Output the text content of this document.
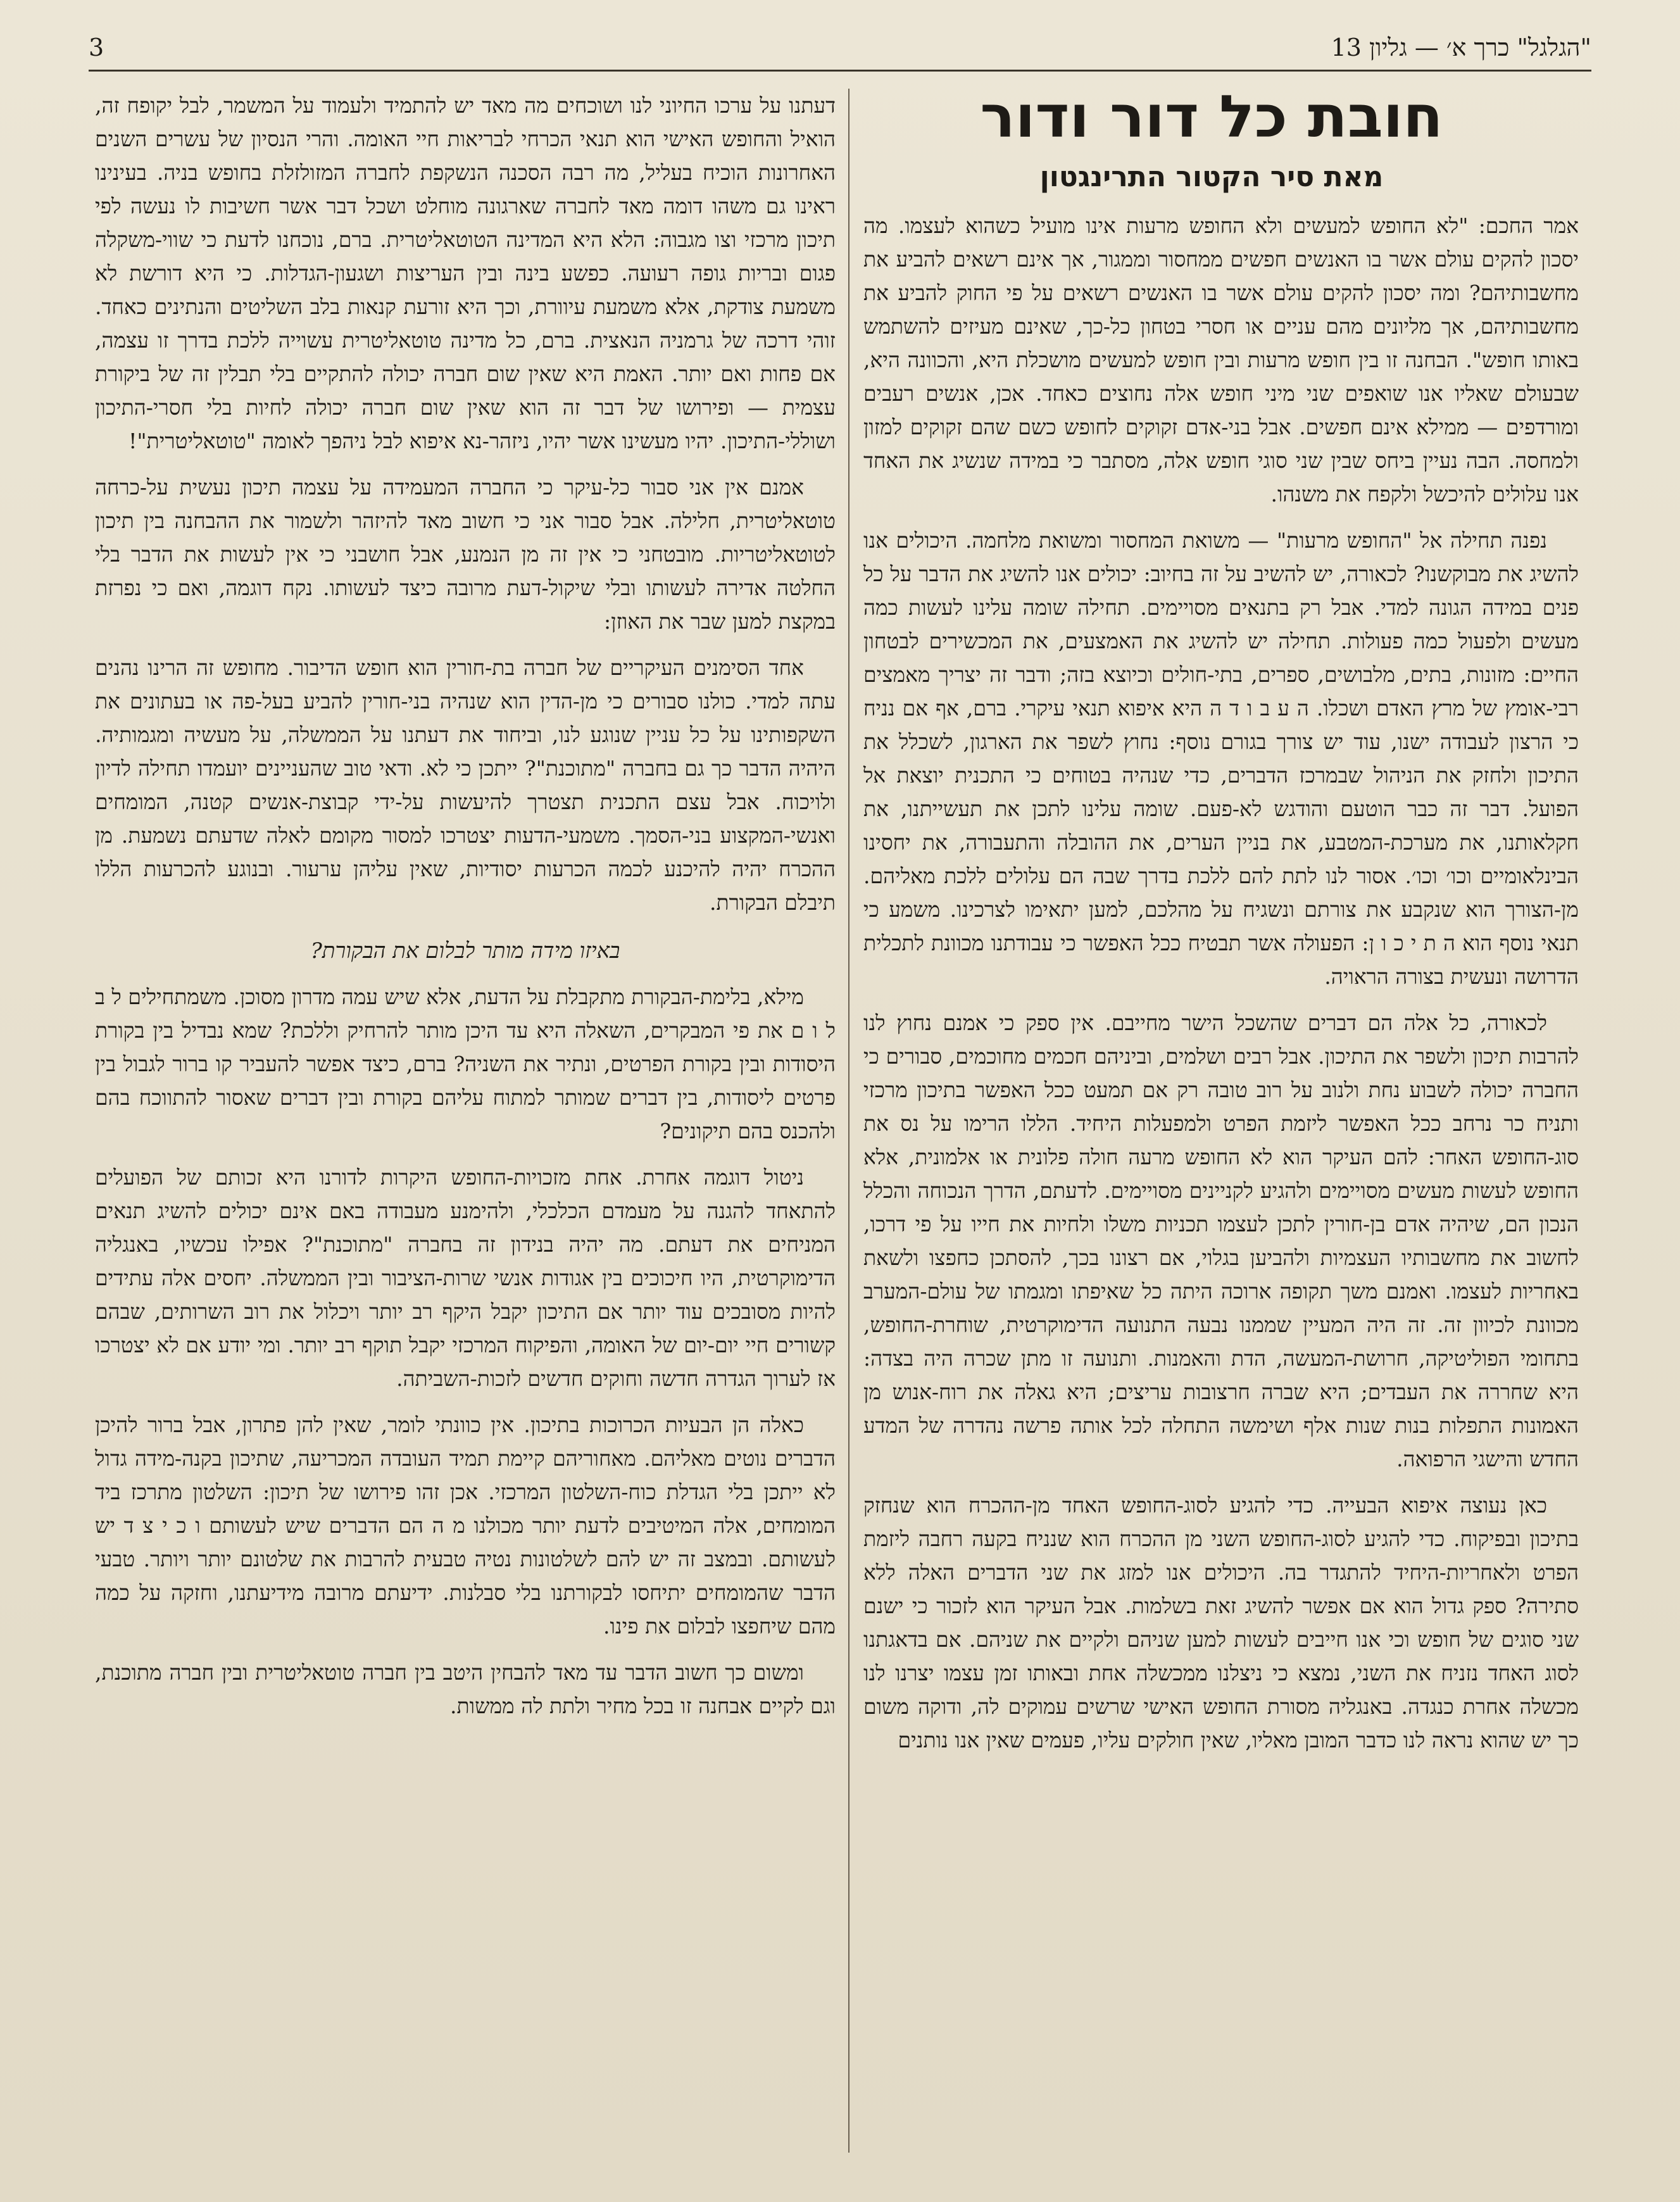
"הגלגל" כרך א׳ — גליון 13
3
חובת כל דור ודור
מאת סיר הקטור התרינגטון

אמר החכם: "לא החופש למעשים ולא החופש מרעות אינו מועיל כשהוא לעצמו. מה יסכון להקים עולם אשר בו האנשים חפשים ממחסור וממגור, אך אינם רשאים להביע את מחשבותיהם? ומה יסכון להקים עולם אשר בו האנשים רשאים על פי החוק להביע את מחשבותיהם, אך מליונים מהם עניים או חסרי בטחון כל-כך, שאינם מעיזים להשתמש באותו חופש". הבחנה זו בין חופש מרעות ובין חופש למעשים מושכלת היא, והכוונה היא, שבעולם שאליו אנו שואפים שני מיני חופש אלה נחוצים כאחד. אכן, אנשים רעבים ומורדפים — ממילא אינם חפשים. אבל בני-אדם זקוקים לחופש כשם שהם זקוקים למזון ולמחסה. הבה נעיין ביחס שבין שני סוגי חופש אלה, מסתבר כי במידה שנשיג את האחד אנו עלולים להיכשל ולקפח את משנהו.

נפנה תחילה אל "החופש מרעות" — משואת המחסור ומשואת מלחמה. היכולים אנו להשיג את מבוקשנו? לכאורה, יש להשיב על זה בחיוב: יכולים אנו להשיג את הדבר על כל פנים במידה הגונה למדי. אבל רק בתנאים מסויימים. תחילה שומה עלינו לעשות כמה מעשים ולפעול כמה פעולות. תחילה יש להשיג את האמצעים, את המכשירים לבטחון החיים: מזונות, בתים, מלבושים, ספרים, בתי-חולים וכיוצא בזה; ודבר זה יצריך מאמצים רבי-אומץ של מרץ האדם ושכלו. ה ע ב ו ד ה היא איפוא תנאי עיקרי. ברם, אף אם נניח כי הרצון לעבודה ישנו, עוד יש צורך בגורם נוסף: נחוץ לשפר את הארגון, לשכלל את התיכון ולחזק את הניהול שבמרכז הדברים, כדי שנהיה בטוחים כי התכנית יוצאת אל הפועל. דבר זה כבר הוטעם והודגש לא-פעם. שומה עלינו לתכן את תעשייתנו, את חקלאותנו, את מערכת-המטבע, את בניין הערים, את ההובלה והתעבורה, את יחסינו הבינלאומיים וכו׳ וכו׳. אסור לנו לתת להם ללכת בדרך שבה הם עלולים ללכת מאליהם. מן-הצורך הוא שנקבע את צורתם ונשגיח על מהלכם, למען יתאימו לצרכינו. משמע כי תנאי נוסף הוא ה ת י כ ו ן: הפעולה אשר תבטיח ככל האפשר כי עבודתנו מכוונת לתכלית הדרושה ונעשית בצורה הראויה.

לכאורה, כל אלה הם דברים שהשכל הישר מחייבם. אין ספק כי אמנם נחוץ לנו להרבות תיכון ולשפר את התיכון. אבל רבים ושלמים, וביניהם חכמים מחוכמים, סבורים כי החברה יכולה לשבוע נחת ולנוב על רוב טובה רק אם תמעט ככל האפשר בתיכון מרכזי ותניח כר נרחב ככל האפשר ליזמת הפרט ולמפעלות היחיד. הללו הרימו על נס את סוג-החופש האחר: להם העיקר הוא לא החופש מרעה חולה פלונית או אלמונית, אלא החופש לעשות מעשים מסויימים ולהגיע לקניינים מסויימים. לדעתם, הדרך הנכוחה והכלל הנכון הם, שיהיה אדם בן-חורין לתכן לעצמו תכניות משלו ולחיות את חייו על פי דרכו, לחשוב את מחשבותיו העצמיות ולהביען בגלוי, אם רצונו בכך, להסתכן כחפצו ולשאת באחריות לעצמו. ואמנם משך תקופה ארוכה היתה כל שאיפתו ומגמתו של עולם-המערב מכוונת לכיוון זה. זה היה המעיין שממנו נבעה התנועה הדימוקרטית, שוחרת-החופש, בתחומי הפוליטיקה, חרושת-המעשה, הדת והאמנות. ותנועה זו מתן שכרה היה בצדה: היא שחררה את העבדים; היא שברה חרצובות עריצים; היא גאלה את רוח-אנוש מן האמונות התפלות בנות שנות אלף ושימשה התחלה לכל אותה פרשה נהדרה של המדע החדש והישגי הרפואה.

כאן נעוצה איפוא הבעייה. כדי להגיע לסוג-החופש האחד מן-ההכרח הוא שנחזק בתיכון ובפיקוח. כדי להגיע לסוג-החופש השני מן ההכרח הוא שנניח בקעה רחבה ליזמת הפרט ולאחריות-היחיד להתגדר בה. היכולים אנו למזג את שני הדברים האלה ללא סתירה? ספק גדול הוא אם אפשר להשיג זאת בשלמות. אבל העיקר הוא לזכור כי ישנם שני סוגים של חופש וכי אנו חייבים לעשות למען שניהם ולקיים את שניהם. אם בדאגתנו לסוג האחד נזניח את השני, נמצא כי ניצלנו ממכשלה אחת ובאותו זמן עצמו יצרנו לנו מכשלה אחרת כנגדה. באנגליה מסורת החופש האישי שרשים עמוקים לה, ודוקה משום כך יש שהוא נראה לנו כדבר המובן מאליו, שאין חולקים עליו, פעמים שאין אנו נותנים

דעתנו על ערכו החיוני לנו ושוכחים מה מאד יש להתמיד ולעמוד על המשמר, לבל יקופח זה, הואיל והחופש האישי הוא תנאי הכרחי לבריאות חיי האומה. והרי הנסיון של עשרים השנים האחרונות הוכיח בעליל, מה רבה הסכנה הנשקפת לחברה המזולזלת בחופש בניה. בעינינו ראינו גם משהו דומה מאד לחברה שארגונה מוחלט ושכל דבר אשר חשיבות לו נעשה לפי תיכון מרכזי וצו מגבוה: הלא היא המדינה הטוטאליטרית. ברם, נוכחנו לדעת כי שווי-משקלה פגום ובריות גופה רעועה. כפשע בינה ובין העריצות ושגעון-הגדלות. כי היא דורשת לא משמעת צודקת, אלא משמעת עיוורת, וכך היא זורעת קנאות בלב השליטים והנתינים כאחד. זוהי דרכה של גרמניה הנאצית. ברם, כל מדינה טוטאליטרית עשוייה ללכת בדרך זו עצמה, אם פחות ואם יותר. האמת היא שאין שום חברה יכולה להתקיים בלי תבלין זה של ביקורת עצמית — ופירושו של דבר זה הוא שאין שום חברה יכולה לחיות בלי חסרי-התיכון ושוללי-התיכון. יהיו מעשינו אשר יהיו, ניזהר-נא איפוא לבל ניהפך לאומה "טוטאליטרית"!

אמנם אין אני סבור כל-עיקר כי החברה המעמידה על עצמה תיכון נעשית על-כרחה טוטאליטרית, חלילה. אבל סבור אני כי חשוב מאד להיזהר ולשמור את ההבחנה בין תיכון לטוטאליטריות. מובטחני כי אין זה מן הנמנע, אבל חושבני כי אין לעשות את הדבר בלי החלטה אדירה לעשותו ובלי שיקול-דעת מרובה כיצד לעשותו. נקח דוגמה, ואם כי נפרזת במקצת למען שבר את האוזן:

אחד הסימנים העיקריים של חברה בת-חורין הוא חופש הדיבור. מחופש זה הרינו נהנים עתה למדי. כולנו סבורים כי מן-הדין הוא שנהיה בני-חורין להביע בעל-פה או בעתונים את השקפותינו על כל עניין שנוגע לנו, וביחוד את דעתנו על הממשלה, על מעשיה ומגמותיה. היהיה הדבר כך גם בחברה "מתוכנת"? ייתכן כי לא. ודאי טוב שהעניינים יועמדו תחילה לדיון ולויכוח. אבל עצם התכנית תצטרך להיעשות על-ידי קבוצת-אנשים קטנה, המומחים ואנשי-המקצוע בני-הסמך. משמעי-הדעות יצטרכו למסור מקומם לאלה שדעתם נשמעת. מן ההכרח יהיה להיכנע לכמה הכרעות יסודיות, שאין עליהן ערעור. ובנוגע להכרעות הללו תיבלם הבקורת.

באיזו מידה מותר לבלום את הבקורת?

מילא, בלימת-הבקורת מתקבלת על הדעת, אלא שיש עמה מדרון מסוכן. משמתחילים ל ב ל ו ם את פי המבקרים, השאלה היא עד היכן מותר להרחיק וללכת? שמא נבדיל בין בקורת היסודות ובין בקורת הפרטים, ונתיר את השניה? ברם, כיצד אפשר להעביר קו ברור לגבול בין פרטים ליסודות, בין דברים שמותר למתוח עליהם בקורת ובין דברים שאסור להתווכח בהם ולהכנס בהם תיקונים?

ניטול דוגמה אחרת. אחת מזכויות-החופש היקרות לדורנו היא זכותם של הפועלים להתאחד להגנה על מעמדם הכלכלי, ולהימנע מעבודה באם אינם יכולים להשיג תנאים המניחים את דעתם. מה יהיה בנידון זה בחברה "מתוכנת"? אפילו עכשיו, באנגליה הדימוקרטית, היו חיכוכים בין אגודות אנשי שרות-הציבור ובין הממשלה. יחסים אלה עתידים להיות מסובכים עוד יותר אם התיכון יקבל היקף רב יותר ויכלול את רוב השרותים, שבהם קשורים חיי יום-יום של האומה, והפיקוח המרכזי יקבל תוקף רב יותר. ומי יודע אם לא יצטרכו אז לערוך הגדרה חדשה וחוקים חדשים לזכות-השביתה.

כאלה הן הבעיות הכרוכות בתיכון. אין כוונתי לומר, שאין להן פתרון, אבל ברור להיכן הדברים נוטים מאליהם. מאחוריהם קיימת תמיד העובדה המכריעה, שתיכון בקנה-מידה גדול לא ייתכן בלי הגדלת כוח-השלטון המרכזי. אכן זהו פירושו של תיכון: השלטון מתרכז ביד המומחים, אלה המיטיבים לדעת יותר מכולנו מ ה הם הדברים שיש לעשותם ו כ י צ ד יש לעשותם. ובמצב זה יש להם לשלטונות נטיה טבעית להרבות את שלטונם יותר ויותר. טבעי הדבר שהמומחים יתיחסו לבקורתנו בלי סבלנות. ידיעתם מרובה מידיעתנו, וחזקה על כמה מהם שיחפצו לבלום את פינו.

ומשום כך חשוב הדבר עד מאד להבחין היטב בין חברה טוטאליטרית ובין חברה מתוכנת, וגם לקיים אבחנה זו בכל מחיר ולתת לה ממשות.
